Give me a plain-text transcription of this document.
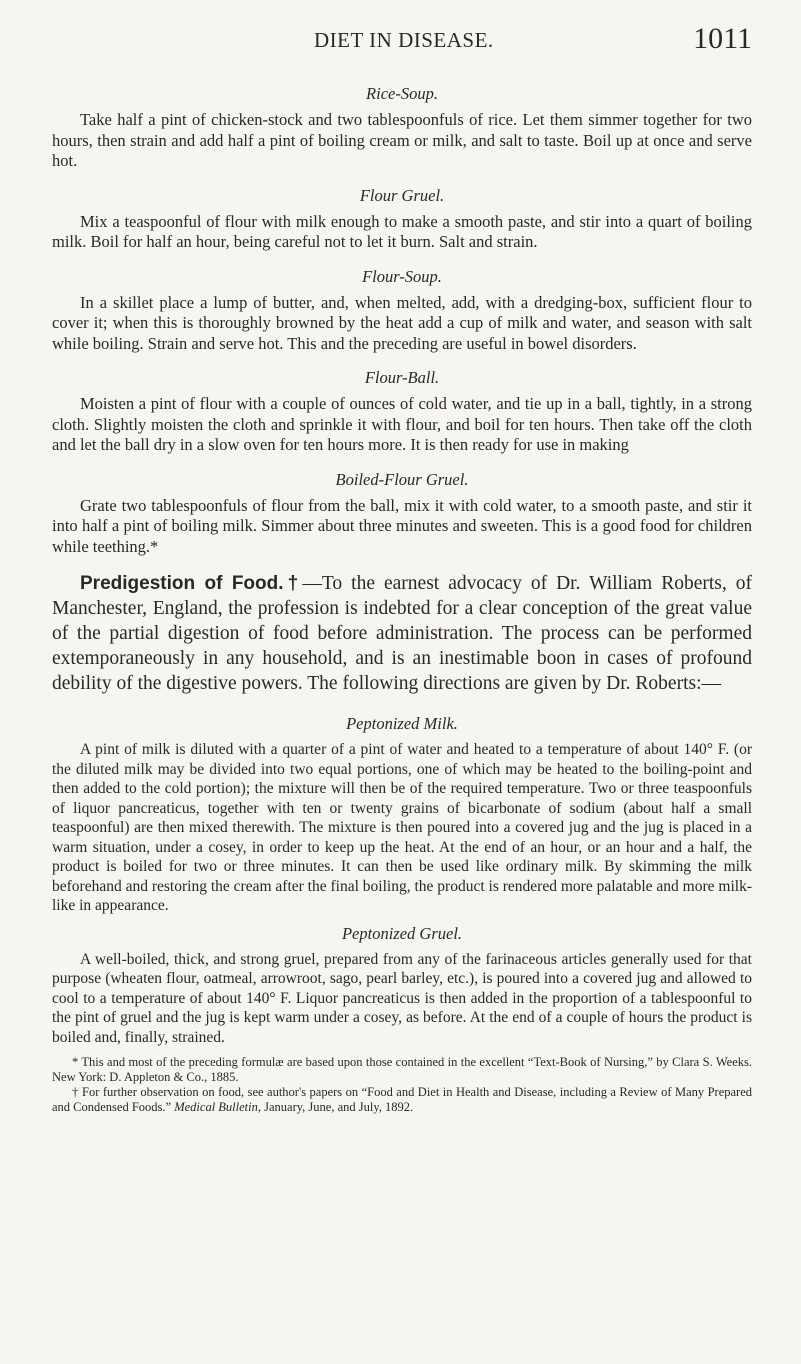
DIET IN DISEASE.	1011

Rice-Soup.

Take half a pint of chicken-stock and two tablespoonfuls of rice. Let them simmer together for two hours, then strain and add half a pint of boiling cream or milk, and salt to taste. Boil up at once and serve hot.

Flour Gruel.

Mix a teaspoonful of flour with milk enough to make a smooth paste, and stir into a quart of boiling milk. Boil for half an hour, being careful not to let it burn. Salt and strain.

Flour-Soup.

In a skillet place a lump of butter, and, when melted, add, with a dredging-box, sufficient flour to cover it; when this is thoroughly browned by the heat add a cup of milk and water, and season with salt while boiling. Strain and serve hot. This and the preceding are useful in bowel disorders.

Flour-Ball.

Moisten a pint of flour with a couple of ounces of cold water, and tie up in a ball, tightly, in a strong cloth. Slightly moisten the cloth and sprinkle it with flour, and boil for ten hours. Then take off the cloth and let the ball dry in a slow oven for ten hours more. It is then ready for use in making

Boiled-Flour Gruel.

Grate two tablespoonfuls of flour from the ball, mix it with cold water, to a smooth paste, and stir it into half a pint of boiling milk. Simmer about three minutes and sweeten. This is a good food for children while teething.*

Predigestion of Food.†—To the earnest advocacy of Dr. William Roberts, of Manchester, England, the profession is indebted for a clear conception of the great value of the partial digestion of food before administration. The process can be performed extemporaneously in any household, and is an inestimable boon in cases of profound debility of the digestive powers. The following directions are given by Dr. Roberts:—

Peptonized Milk.

A pint of milk is diluted with a quarter of a pint of water and heated to a temperature of about 140° F. (or the diluted milk may be divided into two equal portions, one of which may be heated to the boiling-point and then added to the cold portion); the mixture will then be of the required temperature. Two or three teaspoonfuls of liquor pancreaticus, together with ten or twenty grains of bicarbonate of sodium (about half a small teaspoonful) are then mixed therewith. The mixture is then poured into a covered jug and the jug is placed in a warm situation, under a cosey, in order to keep up the heat. At the end of an hour, or an hour and a half, the product is boiled for two or three minutes. It can then be used like ordinary milk. By skimming the milk beforehand and restoring the cream after the final boiling, the product is rendered more palatable and more milk-like in appearance.

Peptonized Gruel.

A well-boiled, thick, and strong gruel, prepared from any of the farinaceous articles generally used for that purpose (wheaten flour, oatmeal, arrowroot, sago, pearl barley, etc.), is poured into a covered jug and allowed to cool to a temperature of about 140° F. Liquor pancreaticus is then added in the proportion of a tablespoonful to the pint of gruel and the jug is kept warm under a cosey, as before. At the end of a couple of hours the product is boiled and, finally, strained.

* This and most of the preceding formulæ are based upon those contained in the excellent “Text-Book of Nursing,” by Clara S. Weeks. New York: D. Appleton & Co., 1885.

† For further observation on food, see author's papers on “Food and Diet in Health and Disease, including a Review of Many Prepared and Condensed Foods.” Medical Bulletin, January, June, and July, 1892.
